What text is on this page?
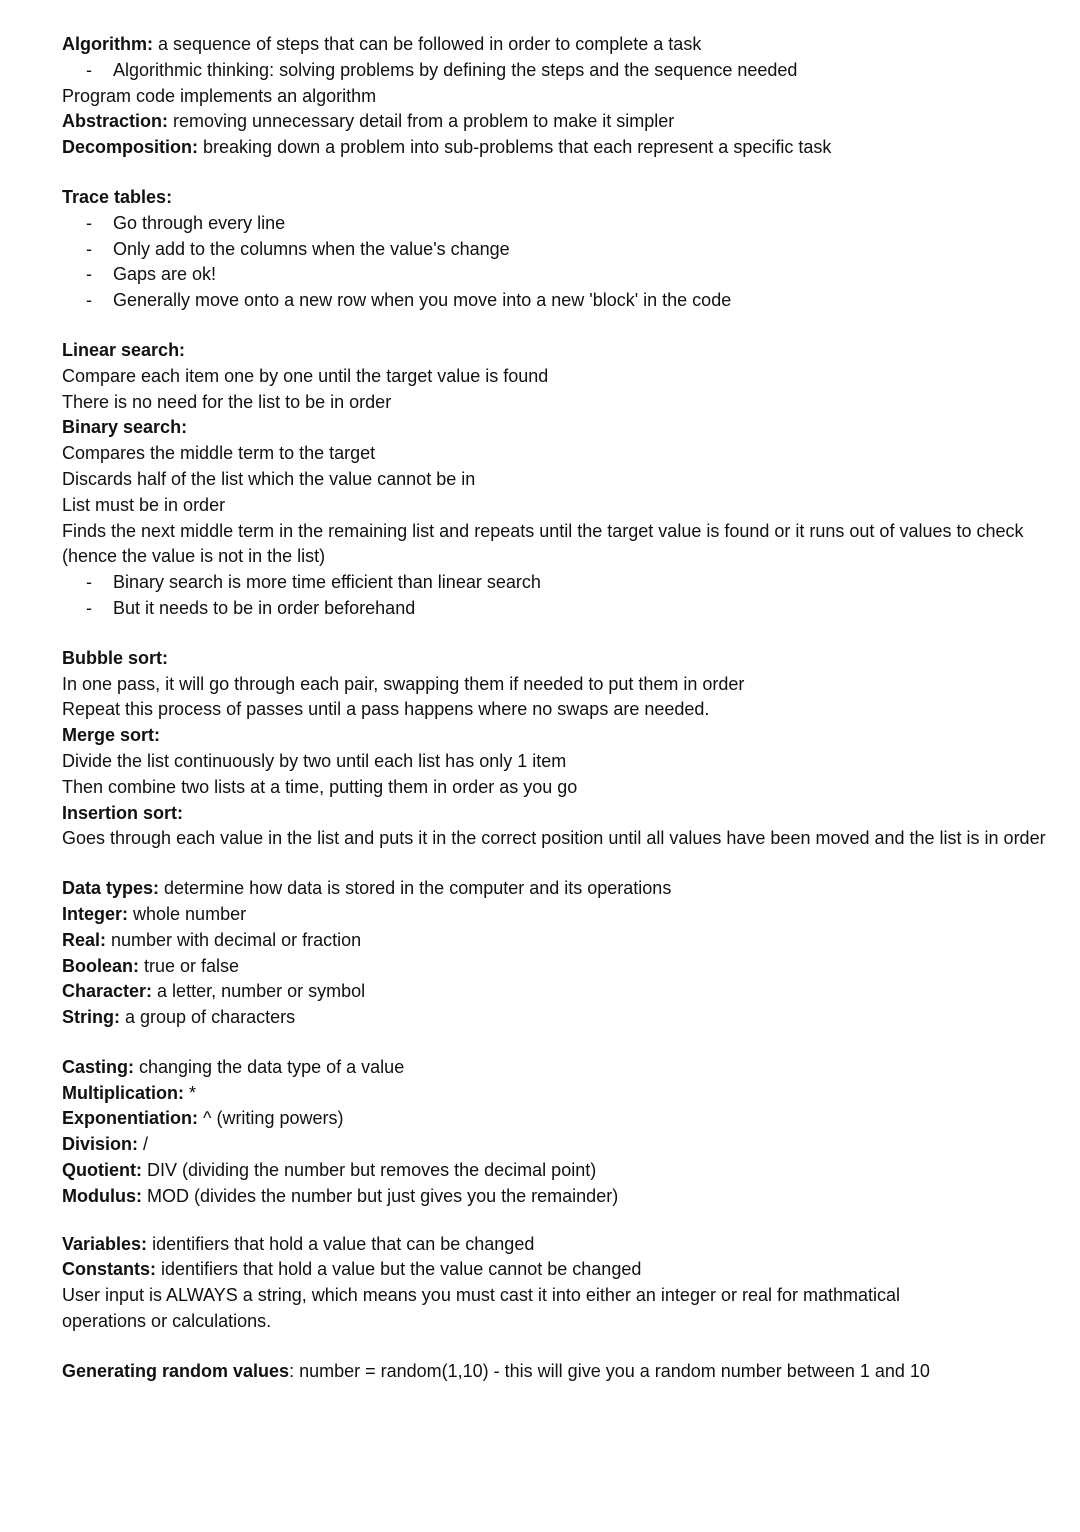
Algorithm: a sequence of steps that can be followed in order to complete a task
- Algorithmic thinking: solving problems by defining the steps and the sequence needed
Program code implements an algorithm
Abstraction: removing unnecessary detail from a problem to make it simpler
Decomposition: breaking down a problem into sub-problems that each represent a specific task
Trace tables:
- Go through every line
- Only add to the columns when the value's change
- Gaps are ok!
- Generally move onto a new row when you move into a new 'block' in the code
Linear search:
Compare each item one by one until the target value is found
There is no need for the list to be in order
Binary search:
Compares the middle term to the target
Discards half of the list which the value cannot be in
List must be in order
Finds the next middle term in the remaining list and repeats until the target value is found or it runs out of values to check (hence the value is not in the list)
- Binary search is more time efficient than linear search
- But it needs to be in order beforehand
Bubble sort:
In one pass, it will go through each pair, swapping them if needed to put them in order
Repeat this process of passes until a pass happens where no swaps are needed.
Merge sort:
Divide the list continuously by two until each list has only 1 item
Then combine two lists at a time, putting them in order as you go
Insertion sort:
Goes through each value in the list and puts it in the correct position until all values have been moved and the list is in order
Data types: determine how data is stored in the computer and its operations
Integer: whole number
Real: number with decimal or fraction
Boolean: true or false
Character: a letter, number or symbol
String: a group of characters
Casting: changing the data type of a value
Multiplication: *
Exponentiation: ^ (writing powers)
Division: /
Quotient: DIV (dividing the number but removes the decimal point)
Modulus: MOD (divides the number but just gives you the remainder)
Variables: identifiers that hold a value that can be changed
Constants: identifiers that hold a value but the value cannot be changed
User input is ALWAYS a string, which means you must cast it into either an integer or real for mathmatical operations or calculations.
Generating random values: number = random(1,10) - this will give you a random number between 1 and 10
